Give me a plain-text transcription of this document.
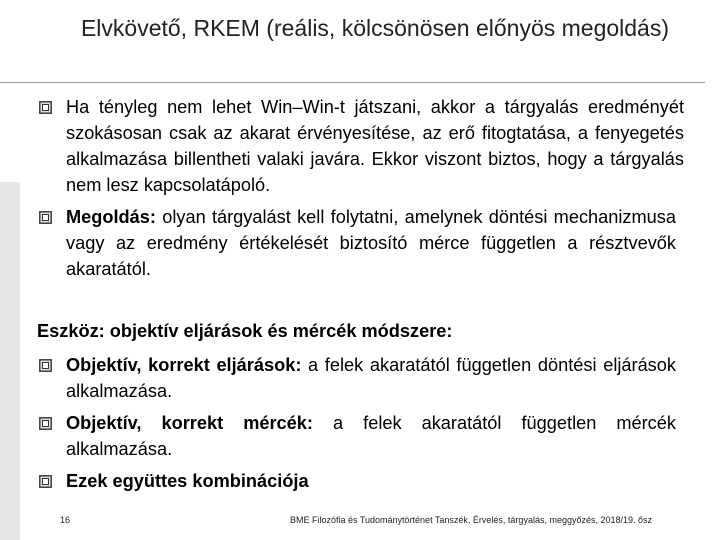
Elvkövető, RKEM (reális, kölcsönösen előnyös megoldás)

Ha tényleg nem lehet Win–Win-t játszani, akkor a tárgyalás eredményét szokásosan csak az akarat érvényesítése, az erő fitogtatása, a fenyegetés alkalmazása billentheti valaki javára. Ekkor viszont biztos, hogy a tárgyalás nem lesz kapcsolatápoló.

Megoldás: olyan tárgyalást kell folytatni, amelynek döntési mechanizmusa vagy az eredmény értékelését biztosító mérce független a résztvevők akaratától.

Eszköz: objektív eljárások és mércék módszere:

Objektív, korrekt eljárások: a felek akaratától független döntési eljárások alkalmazása.

Objektív, korrekt mércék: a felek akaratától független mércék alkalmazása.

Ezek együttes kombinációja

16	BME Filozófia és Tudománytörténet Tanszék, Érvelés, tárgyalás, meggyőzés, 2018/19. ősz
